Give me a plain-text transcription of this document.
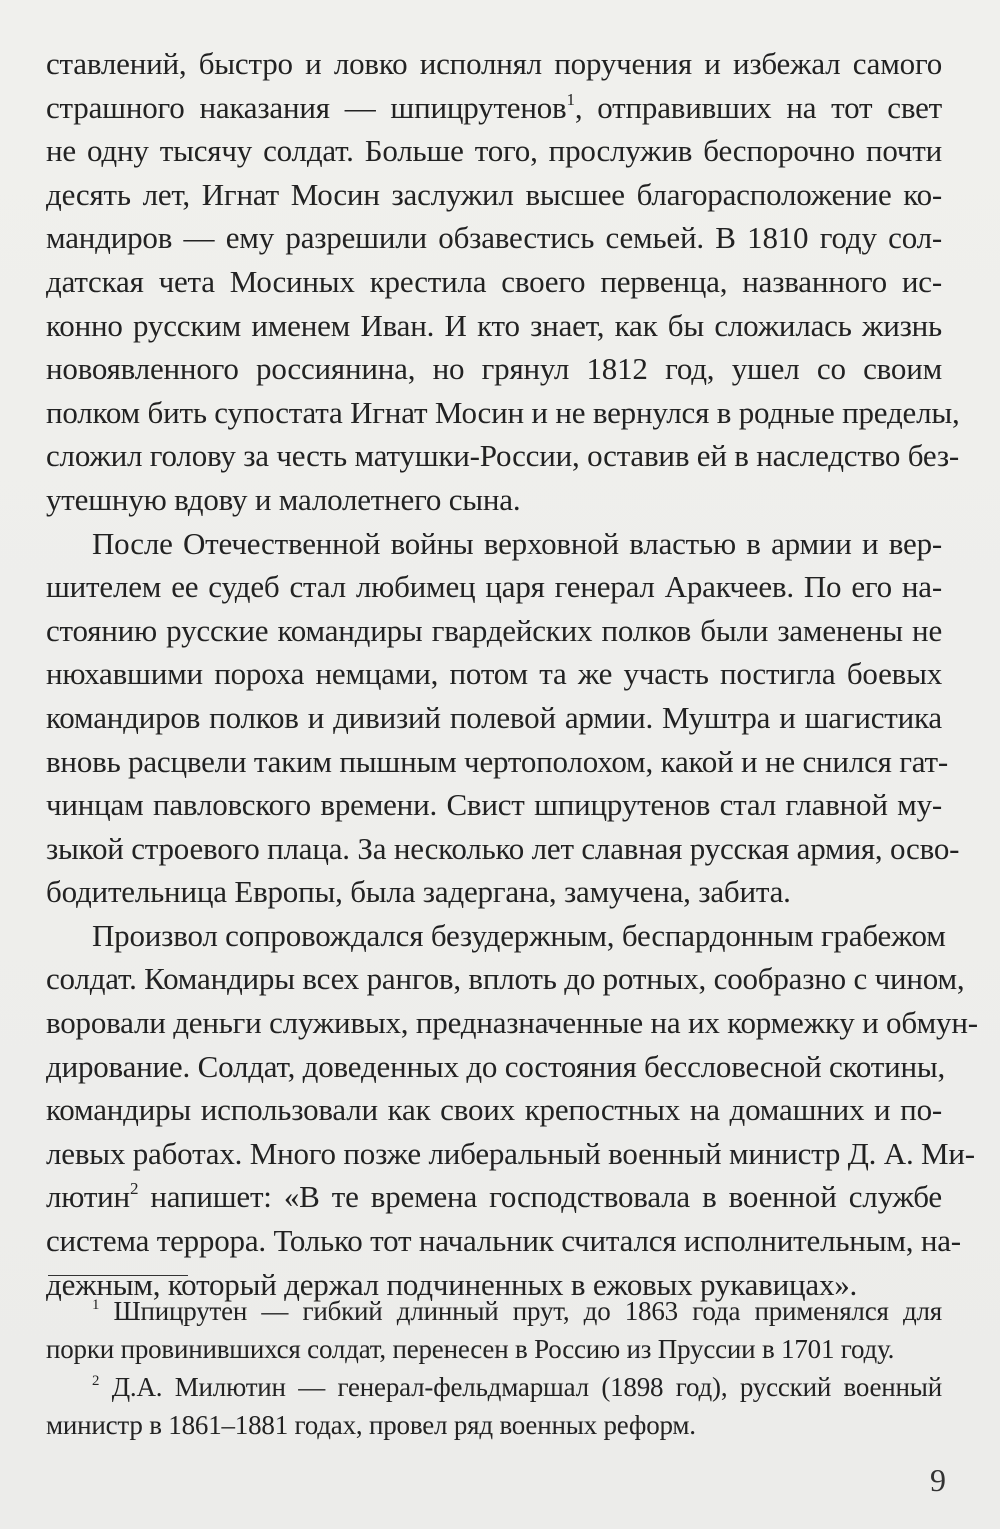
ставлений, быстро и ловко исполнял поручения и избежал самого
страшного наказания — шпицрутенов$^1$, отправивших на тот свет
не одну тысячу солдат. Больше того, прослужив беспорочно почти
десять лет, Игнат Мосин заслужил высшее благорасположение ко-
мандиров — ему разрешили обзавестись семьей. В 1810 году сол-
датская чета Мосиных крестила своего первенца, названного ис-
конно русским именем Иван. И кто знает, как бы сложилась жизнь
новоявленного россиянина, но грянул 1812 год, ушел со своим
полком бить супостата Игнат Мосин и не вернулся в родные пределы,
сложил голову за честь матушки-России, оставив ей в наследство без-
утешную вдову и малолетнего сына.

После Отечественной войны верховной властью в армии и вер-
шителем ее судеб стал любимец царя генерал Аракчеев. По его на-
стоянию русские командиры гвардейских полков были заменены не
нюхавшими пороха немцами, потом та же участь постигла боевых
командиров полков и дивизий полевой армии. Муштра и шагистика
вновь расцвели таким пышным чертополохом, какой и не снился гат-
чинцам павловского времени. Свист шпицрутенов стал главной му-
зыкой строевого плаца. За несколько лет славная русская армия, осво-
бодительница Европы, была задергана, замучена, забита.

Произвол сопровождался безудержным, беспардонным грабежом
солдат. Командиры всех рангов, вплоть до ротных, сообразно с чином,
воровали деньги служивых, предназначенные на их кормежку и обмун-
дирование. Солдат, доведенных до состояния бессловесной скотины,
командиры использовали как своих крепостных на домашних и по-
левых работах. Много позже либеральный военный министр Д. А. Ми-
лютин$^2$ напишет: «В те времена господствовала в военной службе
система террора. Только тот начальник считался исполнительным, на-
дежным, который держал подчиненных в ежовых рукавицах».

$^1$ Шпицрутен — гибкий длинный прут, до 1863 года применялся для
порки провинившихся солдат, перенесен в Россию из Пруссии в 1701 году.

$^2$ Д.А. Милютин — генерал-фельдмаршал (1898 год), русский военный
министр в 1861–1881 годах, провел ряд военных реформ.

9
